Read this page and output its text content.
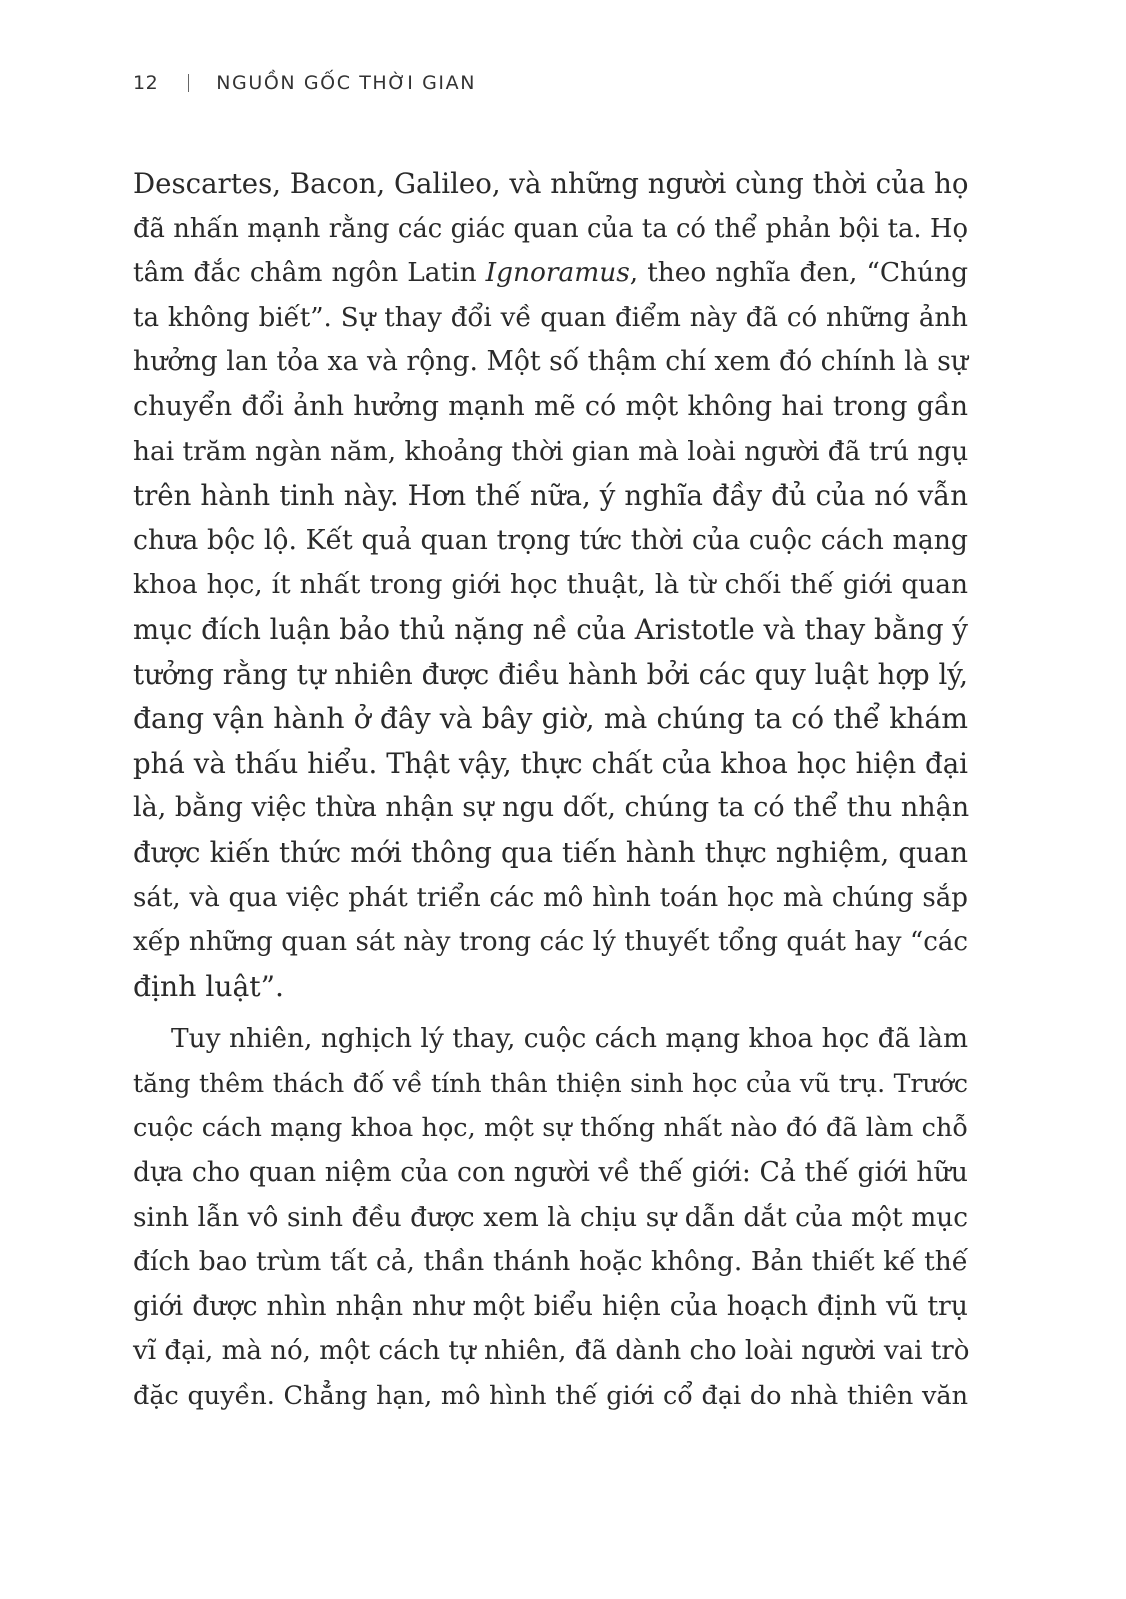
12	NGUỒN GỐC THỜI GIAN
Descartes, Bacon, Galileo, và những người cùng thời của họ
đã nhấn mạnh rằng các giác quan của ta có thể phản bội ta. Họ
tâm đắc châm ngôn Latin Ignoramus, theo nghĩa đen, “Chúng
ta không biết”. Sự thay đổi về quan điểm này đã có những ảnh
hưởng lan tỏa xa và rộng. Một số thậm chí xem đó chính là sự
chuyển đổi ảnh hưởng mạnh mẽ có một không hai trong gần
hai trăm ngàn năm, khoảng thời gian mà loài người đã trú ngụ
trên hành tinh này. Hơn thế nữa, ý nghĩa đầy đủ của nó vẫn
chưa bộc lộ. Kết quả quan trọng tức thời của cuộc cách mạng
khoa học, ít nhất trong giới học thuật, là từ chối thế giới quan
mục đích luận bảo thủ nặng nề của Aristotle và thay bằng ý
tưởng rằng tự nhiên được điều hành bởi các quy luật hợp lý,
đang vận hành ở đây và bây giờ, mà chúng ta có thể khám
phá và thấu hiểu. Thật vậy, thực chất của khoa học hiện đại
là, bằng việc thừa nhận sự ngu dốt, chúng ta có thể thu nhận
được kiến thức mới thông qua tiến hành thực nghiệm, quan
sát, và qua việc phát triển các mô hình toán học mà chúng sắp
xếp những quan sát này trong các lý thuyết tổng quát hay “các
định luật”.
Tuy nhiên, nghịch lý thay, cuộc cách mạng khoa học đã làm
tăng thêm thách đố về tính thân thiện sinh học của vũ trụ. Trước
cuộc cách mạng khoa học, một sự thống nhất nào đó đã làm chỗ
dựa cho quan niệm của con người về thế giới: Cả thế giới hữu
sinh lẫn vô sinh đều được xem là chịu sự dẫn dắt của một mục
đích bao trùm tất cả, thần thánh hoặc không. Bản thiết kế thế
giới được nhìn nhận như một biểu hiện của hoạch định vũ trụ
vĩ đại, mà nó, một cách tự nhiên, đã dành cho loài người vai trò
đặc quyền. Chẳng hạn, mô hình thế giới cổ đại do nhà thiên văn
